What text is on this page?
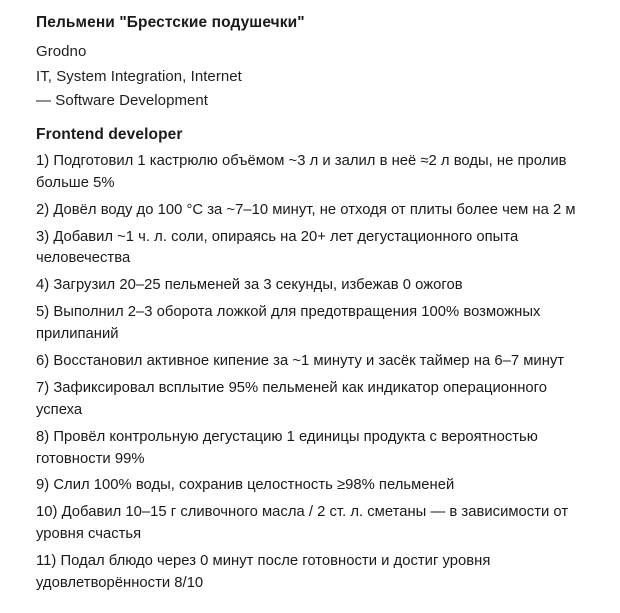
Пельмени "Брестские подушечки"

Grodno

IT, System Integration, Internet

— Software Development

Frontend developer
1) Подготовил 1 кастрюлю объёмом ~3 л и залил в неё ≈2 л воды, не пролив больше 5%
2) Довёл воду до 100 °C за ~7–10 минут, не отходя от плиты более чем на 2 м
3) Добавил ~1 ч. л. соли, опираясь на 20+ лет дегустационного опыта человечества
4) Загрузил 20–25 пельменей за 3 секунды, избежав 0 ожогов
5) Выполнил 2–3 оборота ложкой для предотвращения 100% возможных прилипаний
6) Восстановил активное кипение за ~1 минуту и засёк таймер на 6–7 минут
7) Зафиксировал всплытие 95% пельменей как индикатор операционного успеха
8) Провёл контрольную дегустацию 1 единицы продукта с вероятностью готовности 99%
9) Слил 100% воды, сохранив целостность ≥98% пельменей
10) Добавил 10–15 г сливочного масла / 2 ст. л. сметаны — в зависимости от уровня счастья
11) Подал блюдо через 0 минут после готовности и достиг уровня удовлетворённости 8/10
